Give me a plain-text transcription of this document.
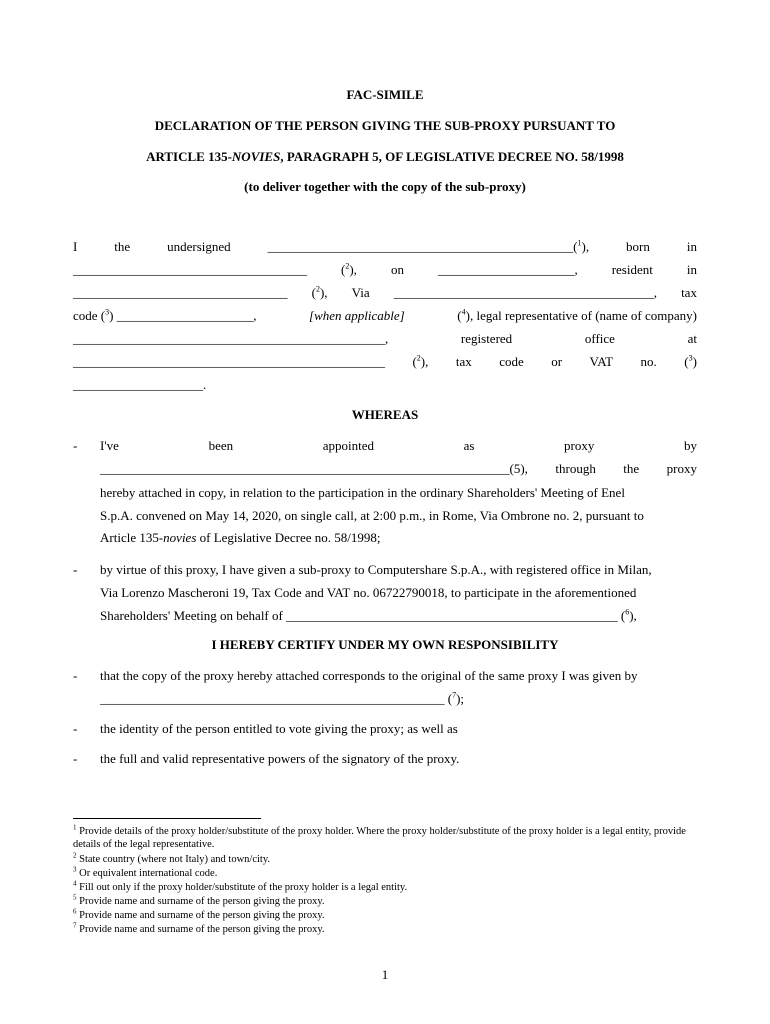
FAC-SIMILE
DECLARATION OF THE PERSON GIVING THE SUB-PROXY PURSUANT TO
ARTICLE 135-NOVIES, PARAGRAPH 5, OF LEGISLATIVE DECREE NO. 58/1998
(to deliver together with the copy of the sub-proxy)
I	the	undersigned	_______________________________________________($^1$),	born	in
____________________________________	($^2$),	on	_____________________,	resident	in
_________________________________ ($^2$), Via ________________________________________, tax
code ($^3$) _____________________,	[when applicable]	($^4$), legal representative of (name of company)
________________________________________________,	registered	office	at
________________________________________________ ($^2$), tax code or VAT no. ($^3$)
____________________.
WHEREAS
- I've	been	appointed	as	proxy	by
_______________________________________________________________(5), through the proxy
hereby attached in copy, in relation to the participation in the ordinary Shareholders' Meeting of Enel
S.p.A. convened on May 14, 2020, on single call, at 2:00 p.m., in Rome, Via Ombrone no. 2, pursuant to
Article 135-novies of Legislative Decree no. 58/1998;
- by virtue of this proxy, I have given a sub-proxy to Computershare S.p.A., with registered office in Milan,
Via Lorenzo Mascheroni 19, Tax Code and VAT no. 06722790018, to participate in the aforementioned
Shareholders' Meeting on behalf of ___________________________________________________ ($^6$),
I HEREBY CERTIFY UNDER MY OWN RESPONSIBILITY
- that the copy of the proxy hereby attached corresponds to the original of the same proxy I was given by
_____________________________________________________ ($^7$);
- the identity of the person entitled to vote giving the proxy; as well as
- the full and valid representative powers of the signatory of the proxy.
$^1$ Provide details of the proxy holder/substitute of the proxy holder. Where the proxy holder/substitute of the proxy holder is a legal entity, provide details of the legal representative.
$^2$ State country (where not Italy) and town/city.
$^3$ Or equivalent international code.
$^4$ Fill out only if the proxy holder/substitute of the proxy holder is a legal entity.
$^5$ Provide name and surname of the person giving the proxy.
$^6$ Provide name and surname of the person giving the proxy.
$^7$ Provide name and surname of the person giving the proxy.
1
